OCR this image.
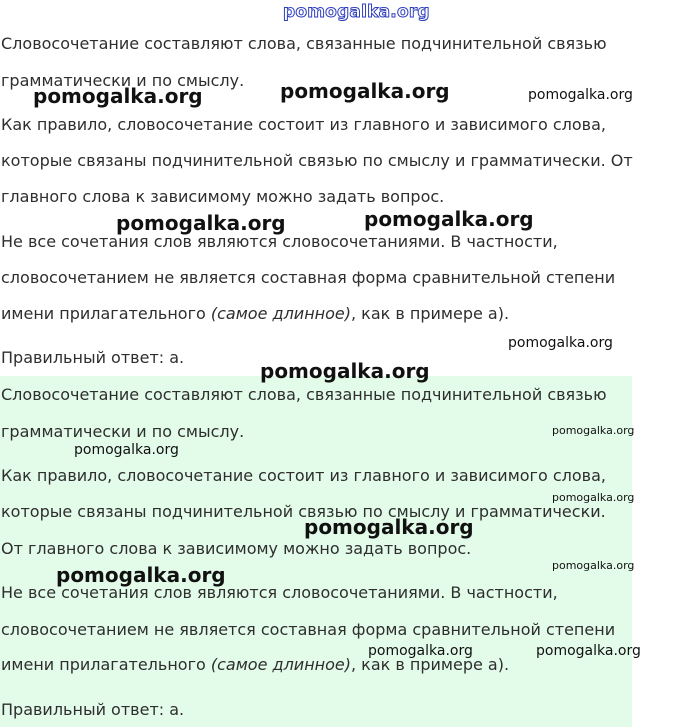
Словосочетание составляют слова, связанные подчинительной связью
грамматически и по смыслу.
Как правило, словосочетание состоит из главного и зависимого слова,
которые связаны подчинительной связью по смыслу и грамматически. От
главного слова к зависимому можно задать вопрос.
Не все сочетания слов являются словосочетаниями. В частности,
словосочетанием не является составная форма сравнительной степени
имени прилагательного (самое длинное), как в примере а).
Правильный ответ: а.
Словосочетание составляют слова, связанные подчинительной связью
грамматически и по смыслу.
Как правило, словосочетание состоит из главного и зависимого слова,
которые связаны подчинительной связью по смыслу и грамматически.
От главного слова к зависимому можно задать вопрос.
Не все сочетания слов являются словосочетаниями. В частности,
словосочетанием не является составная форма сравнительной степени
имени прилагательного (самое длинное), как в примере а).
Правильный ответ: а.
pomogalka.org
pomogalka.org	pomogalka.org	pomogalka.org
pomogalka.org	pomogalka.org
pomogalka.org
pomogalka.org
pomogalka.org
pomogalka.org
pomogalka.org
pomogalka.org
pomogalka.org
pomogalka.org
pomogalka.org	pomogalka.org
